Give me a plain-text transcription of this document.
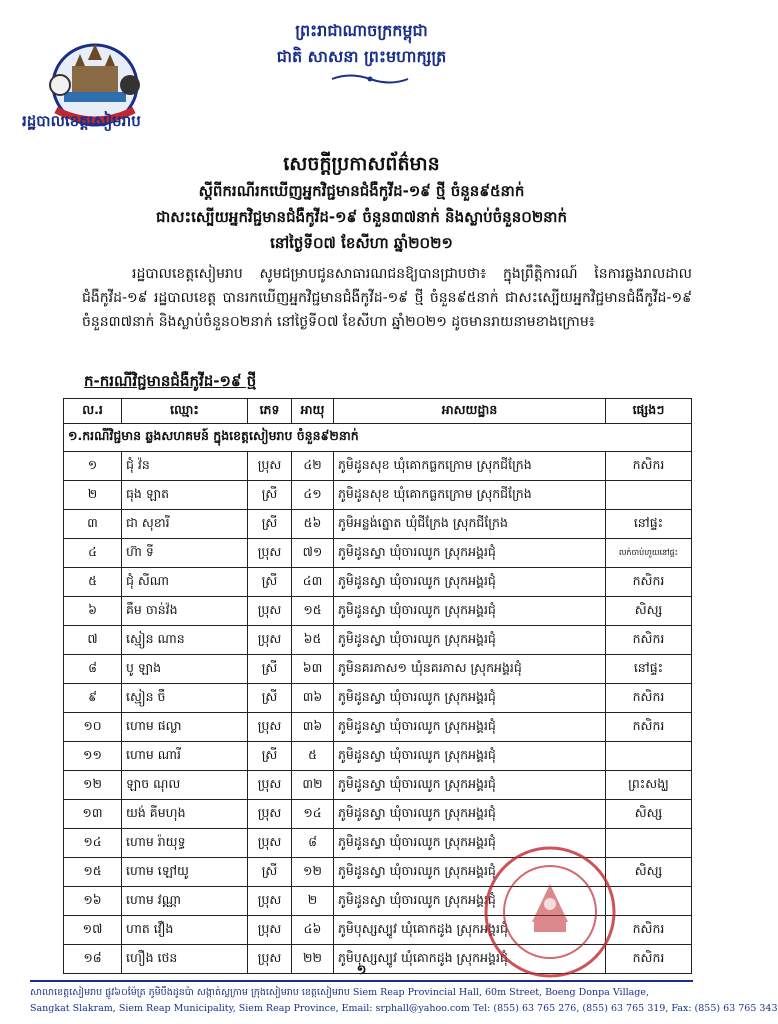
រដ្ឋបាលខេត្តសៀមរាប
ព្រះរាជាណាចក្រកម្ពុជា
ជាតិ សាសនា ព្រះមហាក្សត្រ
សេចក្តីប្រកាសព័ត៌មាន
ស្តីពីករណីរកឃើញអ្នកវិជ្ជមានជំងឺកូវីដ-១៩ ថ្មី ចំនួន៩៥នាក់
ជាសះស្បើយអ្នកវិជ្ជមានជំងឺកូវីដ-១៩ ចំនួន៣៧នាក់ និងស្លាប់ចំនួន០២នាក់
នៅថ្ងៃទី០៧ ខែសីហា ឆ្នាំ២០២១
រដ្ឋបាលខេត្តសៀមរាប សូមជម្រាបជូនសាធារណជនឱ្យបានជ្រាបថា៖ ក្នុងព្រឹត្តិការណ៍ នៃការឆ្លងរាលដាលជំងឺកូវីដ-១៩ រដ្ឋបាលខេត្ត បានរកឃើញអ្នកវិជ្ជមានជំងឺកូវីដ-១៩ ថ្មី ចំនួន៩៥នាក់ ជាសះស្បើយអ្នកវិជ្ជមានជំងឺកូវីដ-១៩ ចំនួន៣៧នាក់ និងស្លាប់ចំនួន០២នាក់ នៅថ្ងៃទី០៧ ខែសីហា ឆ្នាំ២០២១ ដូចមានរាយនាមខាងក្រោម៖
ក-ករណីវិជ្ជមានជំងឺកូវីដ-១៩ ថ្មី
ល.រ	ឈ្មោះ	ភេទ	អាយុ	អាសយដ្ឋាន	ផ្សេងៗ
១.ករណីវិជ្ជមាន ឆ្លងសហគមន៍ ក្នុងខេត្តសៀមរាប ចំនួន៩២នាក់					
១	ជុំ វ៉ន	ប្រុស	៤២	ភូមិដូនសុខ ឃុំគោកធ្លកក្រោម ស្រុកជីក្រែង	កសិករ
២	ធុង ឡាត	ស្រី	៤១	ភូមិដូនសុខ ឃុំគោកធ្លកក្រោម ស្រុកជីក្រែង	
៣	ជា សុខារី	ស្រី	៥៦	ភូមិអន្លង់ត្នោត ឃុំជីក្រែង ស្រុកជីក្រែង	នៅផ្ទះ
៤	ហ៊ា ទី	ប្រុស	៧១	ភូមិដូនស្វា ឃុំចារឈូក ស្រុកអង្គរជុំ	លក់ចាប់ហួយនៅផ្ទះ
៥	ជុំ សីណា	ស្រី	៤៣	ភូមិដូនស្វា ឃុំចារឈូក ស្រុកអង្គរជុំ	កសិករ
៦	គឹម ចាន់វ៉ង	ប្រុស	១៥	ភូមិដូនស្វា ឃុំចារឈូក ស្រុកអង្គរជុំ	សិស្ស
៧	ស្មៀន ណាន	ប្រុស	៦៥	ភូមិដូនស្វា ឃុំចារឈូក ស្រុកអង្គរជុំ	កសិករ
៨	បូ ឡាង	ស្រី	៦៣	ភូមិនគរភាស១ ឃុំនគរភាស ស្រុកអង្គរជុំ	នៅផ្ទះ
៩	ស្មៀន ចឺ	ស្រី	៣៦	ភូមិដូនស្វា ឃុំចារឈូក ស្រុកអង្គរជុំ	កសិករ
១០	ហោម ផល្លា	ប្រុស	៣៦	ភូមិដូនស្វា ឃុំចារឈូក ស្រុកអង្គរជុំ	កសិករ
១១	ហោម ណារី	ស្រី	៥	ភូមិដូនស្វា ឃុំចារឈូក ស្រុកអង្គរជុំ	
១២	ឡាច ណុល	ប្រុស	៣២	ភូមិដូនស្វា ឃុំចារឈូក ស្រុកអង្គរជុំ	ព្រះសង្ឃ
១៣	យង់ គីមហុង	ប្រុស	១៤	ភូមិដូនស្វា ឃុំចារឈូក ស្រុកអង្គរជុំ	សិស្ស
១៤	ហោម រ៉ាយុទ្ធ	ប្រុស	៨	ភូមិដូនស្វា ឃុំចារឈូក ស្រុកអង្គរជុំ	
១៥	ហោម ឡៅយូ	ស្រី	១២	ភូមិដូនស្វា ឃុំចារឈូក ស្រុកអង្គរជុំ	សិស្ស
១៦	ហោម វណ្ណា	ប្រុស	២	ភូមិដូនស្វា ឃុំចារឈូក ស្រុកអង្គរជុំ	
១៧	ហាត វឿង	ប្រុស	៤៦	ភូមិបុស្សស្បូវ ឃុំគោកដូង ស្រុកអង្គរជុំ	កសិករ
១៨	ហឿង ថេន	ប្រុស	២២	ភូមិបុស្សស្បូវ ឃុំគោកដូង ស្រុកអង្គរជុំ	កសិករ
១
សាលាខេត្តសៀមរាប ផ្លូវ៦០ម៉ែត្រ ភូមិបឹងដូនប៉ា សង្កាត់ស្លក្រាម ក្រុងសៀមរាប ខេត្តសៀមរាប Siem Reap Provincial Hall, 60m Street, Boeng Donpa Village,
Sangkat Slakram, Siem Reap Municipality, Siem Reap Province, Email: srphall@yahoo.com Tel: (855) 63 765 276, (855) 63 765 319, Fax: (855) 63 765 343
